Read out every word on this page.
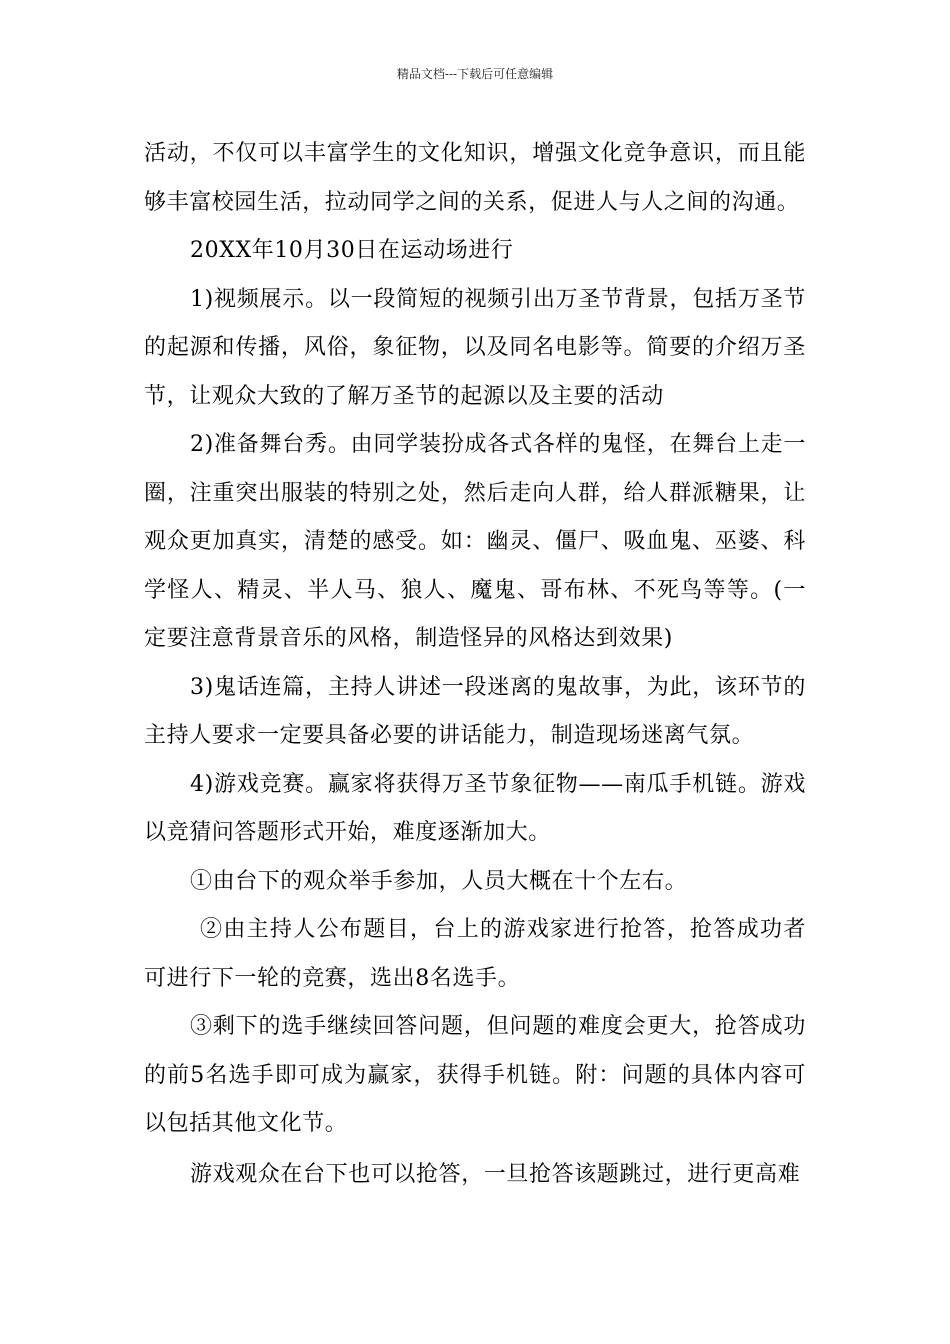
精品文档---下载后可任意编辑

活动，不仅可以丰富学生的文化知识，增强文化竞争意识，而且能够丰富校园生活，拉动同学之间的关系，促进人与人之间的沟通。

20XX年10月30日在运动场进行

1)视频展示。以一段简短的视频引出万圣节背景，包括万圣节的起源和传播，风俗，象征物，以及同名电影等。简要的介绍万圣节，让观众大致的了解万圣节的起源以及主要的活动

2)准备舞台秀。由同学装扮成各式各样的鬼怪，在舞台上走一圈，注重突出服装的特别之处，然后走向人群，给人群派糖果，让观众更加真实，清楚的感受。如：幽灵、僵尸、吸血鬼、巫婆、科学怪人、精灵、半人马、狼人、魔鬼、哥布林、不死鸟等等。(一定要注意背景音乐的风格，制造怪异的风格达到效果)

3)鬼话连篇，主持人讲述一段迷离的鬼故事，为此，该环节的主持人要求一定要具备必要的讲话能力，制造现场迷离气氛。

4)游戏竞赛。赢家将获得万圣节象征物——南瓜手机链。游戏以竞猜问答题形式开始，难度逐渐加大。

①由台下的观众举手参加，人员大概在十个左右。

②由主持人公布题目，台上的游戏家进行抢答，抢答成功者可进行下一轮的竞赛，选出8名选手。

③剩下的选手继续回答问题，但问题的难度会更大，抢答成功的前5名选手即可成为赢家，获得手机链。附：问题的具体内容可以包括其他文化节。

游戏观众在台下也可以抢答，一旦抢答该题跳过，进行更高难
